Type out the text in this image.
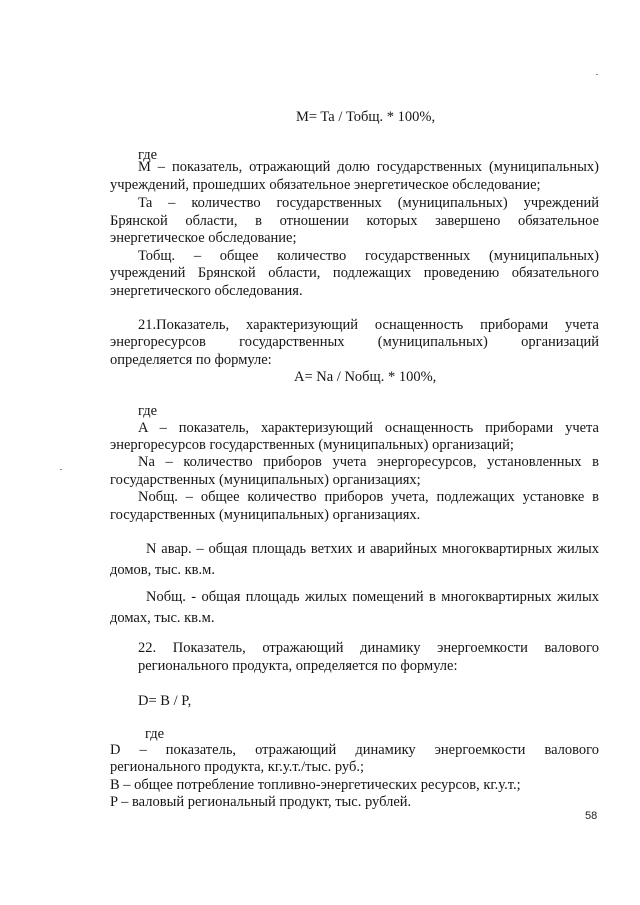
M= Ta / Тобщ. * 100%,
где
M – показатель, отражающий долю государственных (муниципальных)
учреждений, прошедших обязательное энергетическое обследование;
Ta – количество государственных (муниципальных) учреждений
Брянской области, в отношении которых завершено обязательное
энергетическое обследование;
Тобщ. – общее количество государственных (муниципальных)
учреждений Брянской области, подлежащих проведению обязательного
энергетического обследования.
21.Показатель, характеризующий оснащенность приборами учета
энергоресурсов государственных (муниципальных) организаций
определяется по формуле:
A= Na / Nобщ. * 100%,
где
A – показатель, характеризующий оснащенность приборами учета
энергоресурсов государственных (муниципальных) организаций;
Na – количество приборов учета энергоресурсов, установленных в
государственных (муниципальных) организациях;
Nобщ. – общее количество приборов учета, подлежащих установке в
государственных (муниципальных) организациях.
N авар. – общая площадь ветхих и аварийных многоквартирных жилых
домов, тыс. кв.м.
Nобщ. - общая площадь жилых помещений в многоквартирных жилых
домах, тыс. кв.м.
22. Показатель, отражающий динамику энергоемкости валового
регионального продукта, определяется по формуле:
D= B / P,
где
D – показатель, отражающий динамику энергоемкости валового
регионального продукта, кг.у.т./тыс. руб.;
B – общее потребление топливно-энергетических ресурсов, кг.у.т.;
P – валовый региональный продукт, тыс. рублей.
58
